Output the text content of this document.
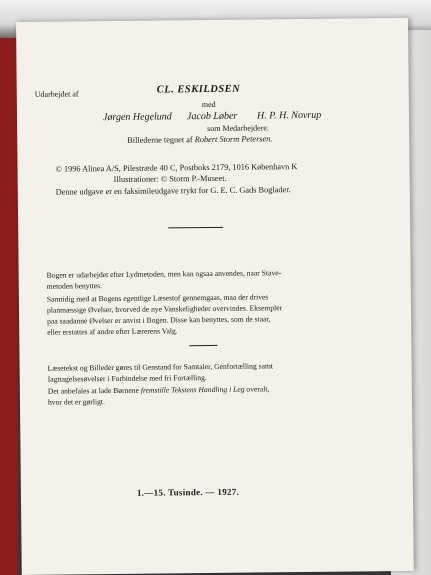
Udarbejdet af	CL. ESKILDSEN
med
Jørgen Hegelund Jacob Løber H. P. H. Novrup
som Medarbejdere.
Billederne tegnet af Robert Storm Petersen.
© 1996 Alinea A/S, Pilestræde 40 C, Postboks 2179, 1016 København K
Illustrationer: © Storm P.-Museet.
Denne udgave er en faksimileudgave trykt for G. E. C. Gads Boglader.
Bogen er udarbejdet efter Lydmetoden, men kan ogsaa anvendes, naar Stave-
metoden benyttes.
Samtidig med at Bogens egentlige Læsestof gennemgaas, maa der drives
planmæssige Øvelser, hvorved de nye Vanskeligheder overvindes. Eksempler
paa saadanne Øvelser er anvist i Bogen. Disse kan benyttes, som de staar,
eller erstattes af andre efter Lærerens Valg.
Læsetekst og Billeder gøres til Genstand for Samtaler, Genfortælling samt
Iagttagelsesøvelser i Forbindelse med fri Fortælling.
Det anbefales at lade Børnene fremstille Tekstens Handling i Leg overalt,
hvor det er gørligt.
1.—15. Tusinde. — 1927.
